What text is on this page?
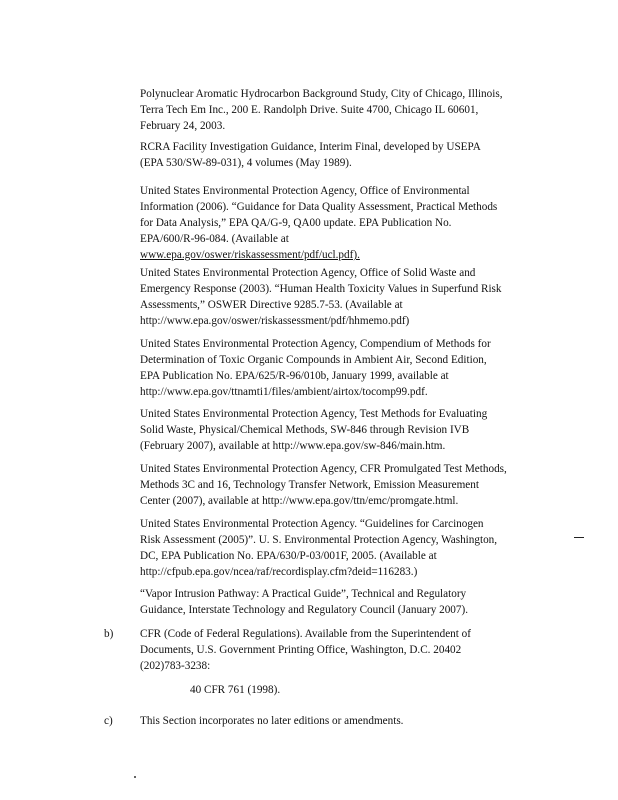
Polynuclear Aromatic Hydrocarbon Background Study, City of Chicago, Illinois,
Terra Tech Em Inc., 200 E. Randolph Drive. Suite 4700, Chicago IL 60601,
February 24, 2003.
RCRA Facility Investigation Guidance, Interim Final, developed by USEPA
(EPA 530/SW-89-031), 4 volumes (May 1989).
United States Environmental Protection Agency, Office of Environmental
Information (2006). “Guidance for Data Quality Assessment, Practical Methods
for Data Analysis,” EPA QA/G-9, QA00 update. EPA Publication No.
EPA/600/R-96-084. (Available at
www.epa.gov/oswer/riskassessment/pdf/ucl.pdf).
United States Environmental Protection Agency, Office of Solid Waste and
Emergency Response (2003). “Human Health Toxicity Values in Superfund Risk
Assessments,” OSWER Directive 9285.7-53. (Available at
http://www.epa.gov/oswer/riskassessment/pdf/hhmemo.pdf)
United States Environmental Protection Agency, Compendium of Methods for
Determination of Toxic Organic Compounds in Ambient Air, Second Edition,
EPA Publication No. EPA/625/R-96/010b, January 1999, available at
http://www.epa.gov/ttnamti1/files/ambient/airtox/tocomp99.pdf.
United States Environmental Protection Agency, Test Methods for Evaluating
Solid Waste, Physical/Chemical Methods, SW-846 through Revision IVB
(February 2007), available at http://www.epa.gov/sw-846/main.htm.
United States Environmental Protection Agency, CFR Promulgated Test Methods,
Methods 3C and 16, Technology Transfer Network, Emission Measurement
Center (2007), available at http://www.epa.gov/ttn/emc/promgate.html.
United States Environmental Protection Agency. “Guidelines for Carcinogen
Risk Assessment (2005)”. U. S. Environmental Protection Agency, Washington,
DC, EPA Publication No. EPA/630/P-03/001F, 2005. (Available at
http://cfpub.epa.gov/ncea/raf/recordisplay.cfm?deid=116283.)
“Vapor Intrusion Pathway: A Practical Guide”, Technical and Regulatory
Guidance, Interstate Technology and Regulatory Council (January 2007).
b) CFR (Code of Federal Regulations). Available from the Superintendent of
Documents, U.S. Government Printing Office, Washington, D.C. 20402
(202)783-3238:
40 CFR 761 (1998).
c) This Section incorporates no later editions or amendments.
